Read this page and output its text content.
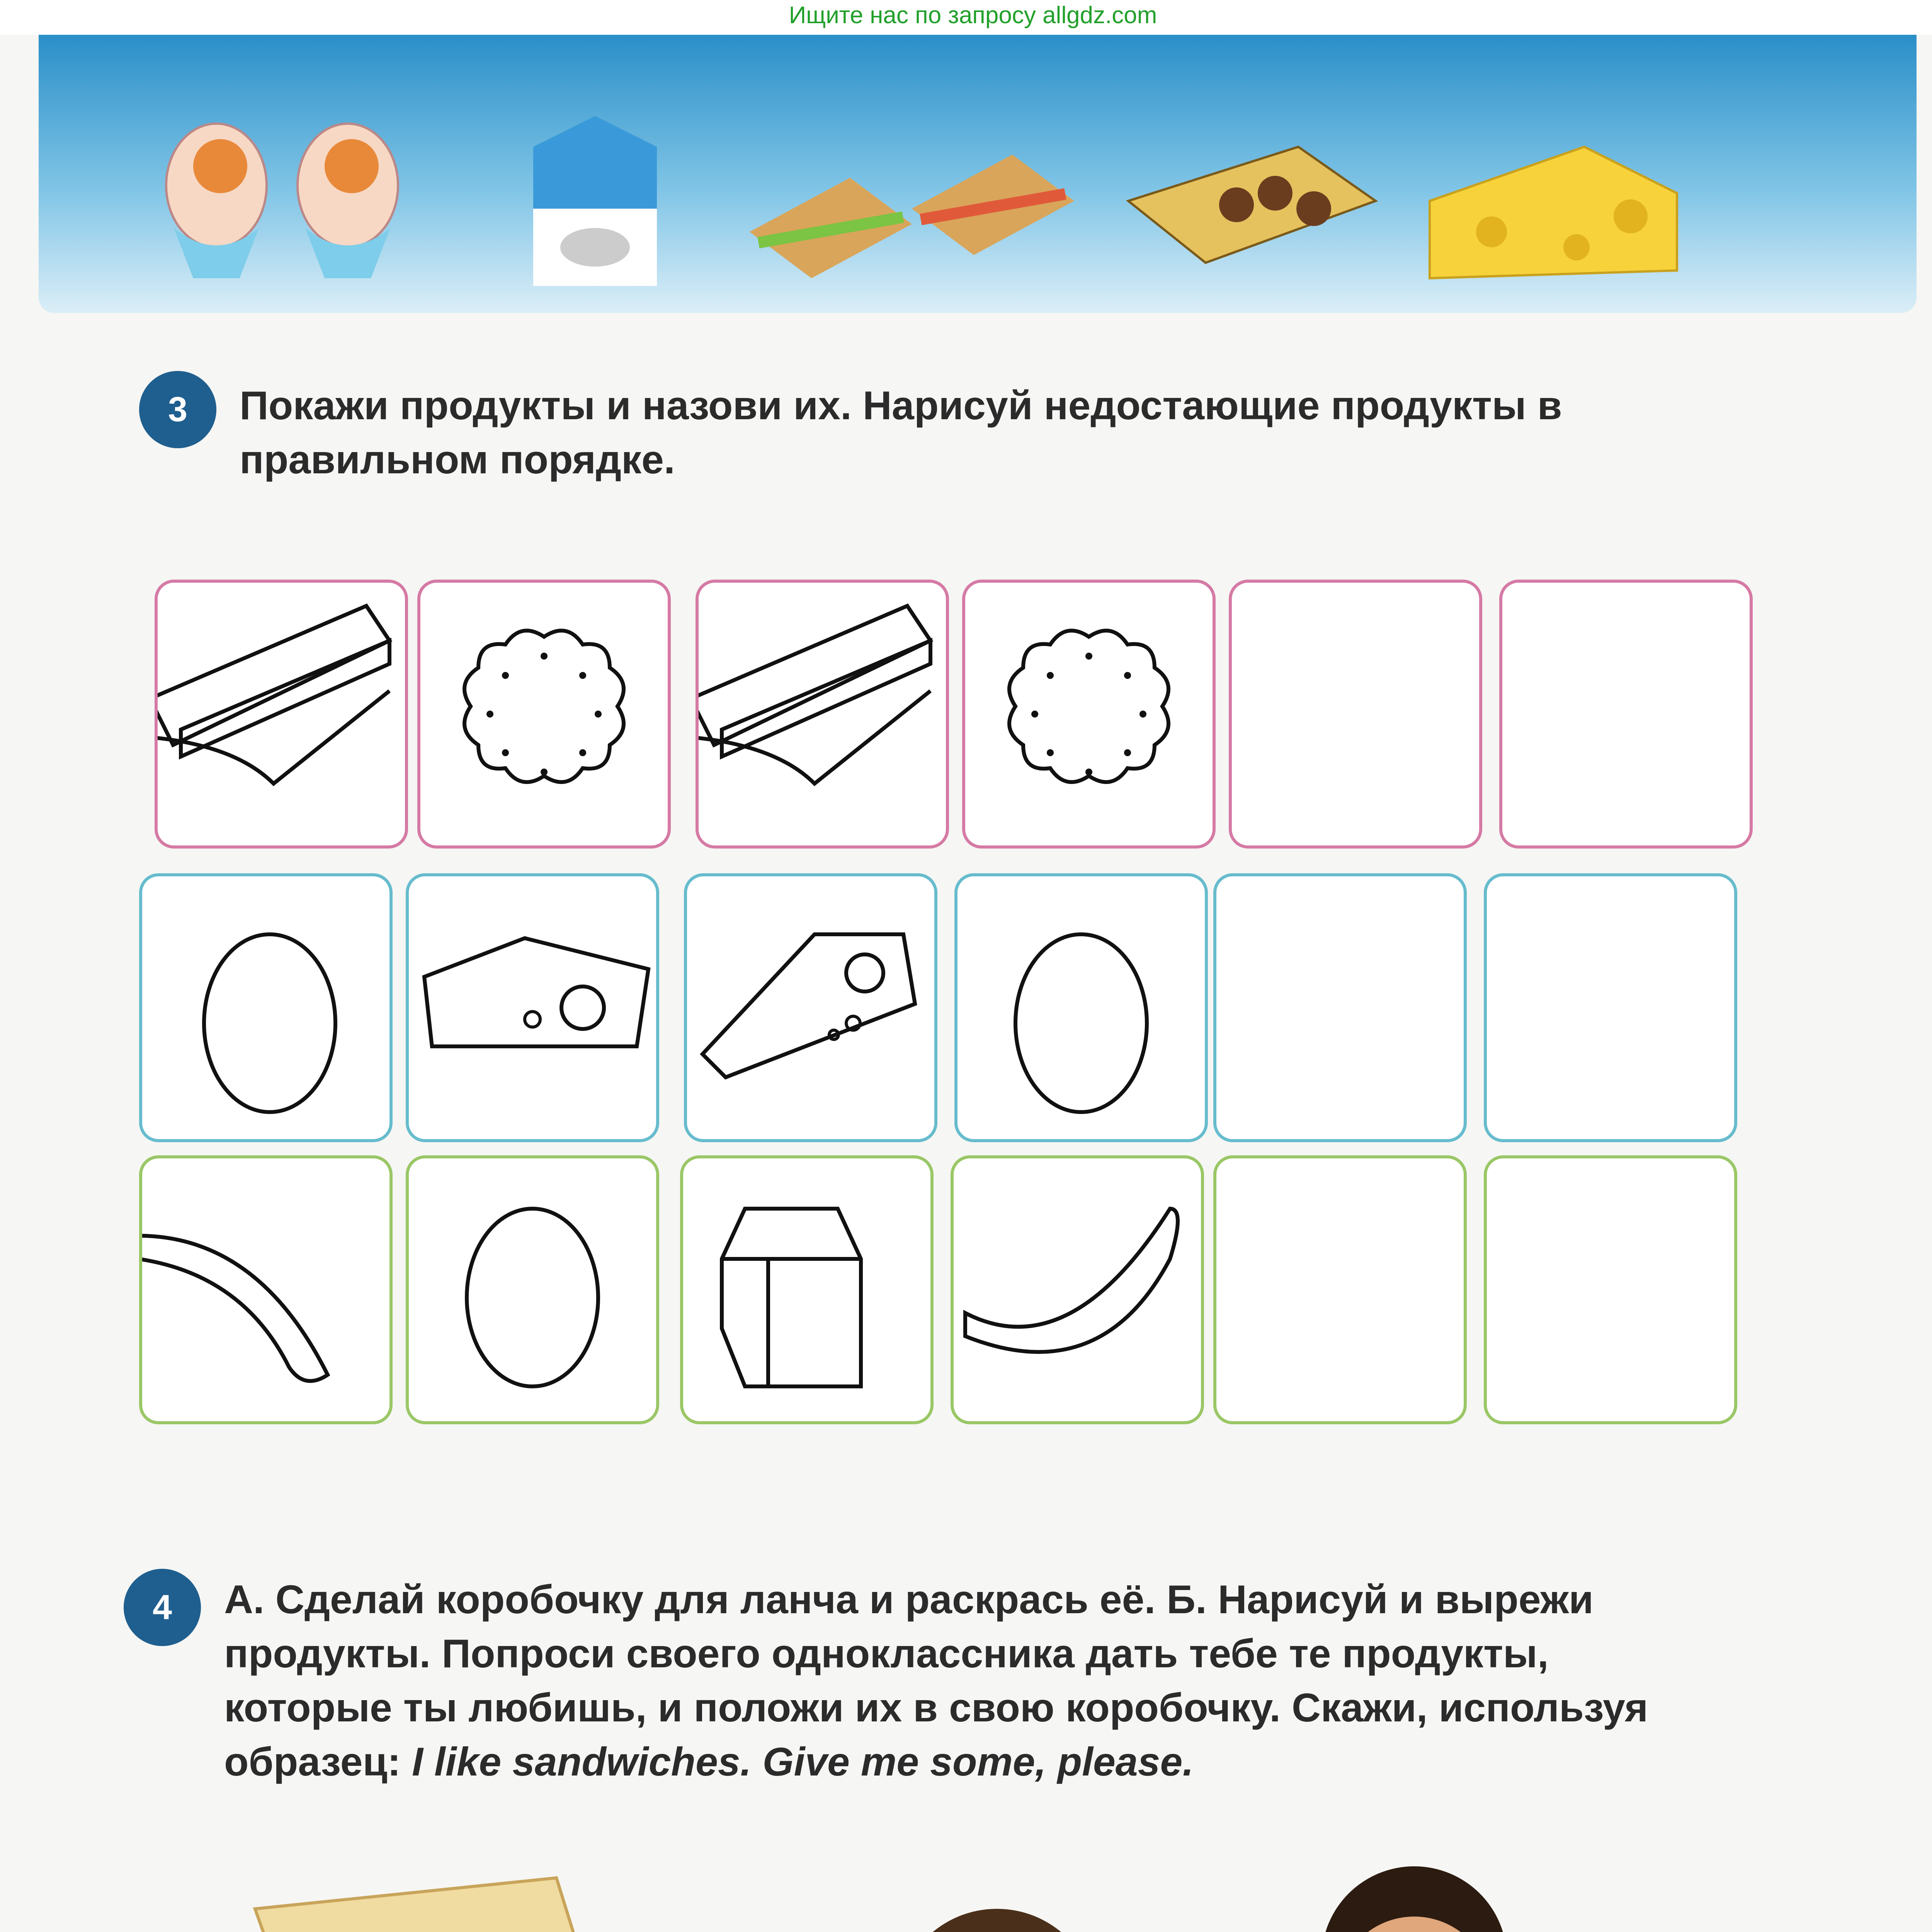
Ищите нас по запросу allgdz.com
3	Покажи продукты и назови их. Нарисуй недостающие продукты в правильном порядке.
4	А. Сделай коробочку для ланча и раскрась её. Б. Нарисуй и вырежи продукты. Попроси своего одноклассника дать тебе те продукты, которые ты любишь, и положи их в свою коробочку. Скажи, используя образец: I like sandwiches. Give me some, please.
